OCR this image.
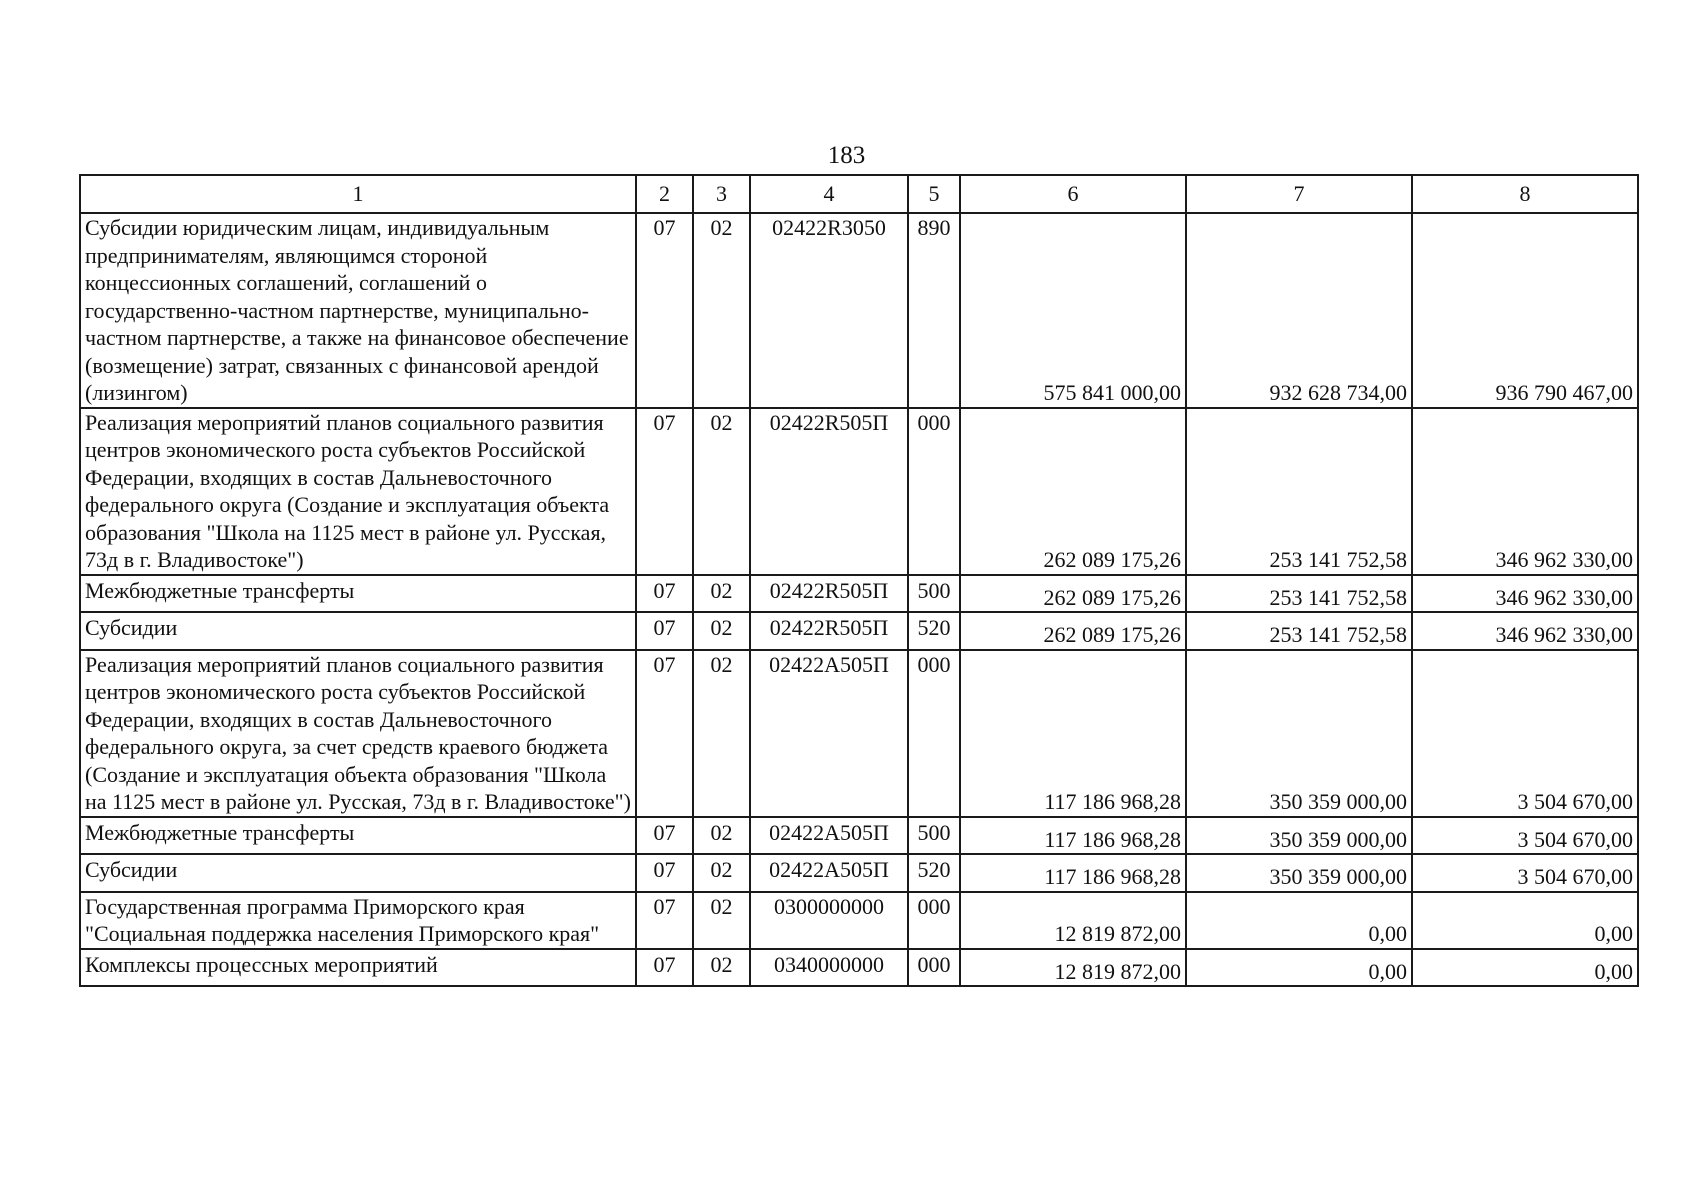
183
1	2	3	4	5	6	7	8
Субсидии юридическим лицам, индивидуальным предпринимателям, являющимся стороной концессионных соглашений, соглашений о государственно-частном партнерстве, муниципально-частном партнерстве, а также на финансовое обеспечение (возмещение) затрат, связанных с финансовой арендой (лизингом)	07	02	02422R3050	890	575 841 000,00	932 628 734,00	936 790 467,00
Реализация мероприятий планов социального развития центров экономического роста субъектов Российской Федерации, входящих в состав Дальневосточного федерального округа (Создание и эксплуатация объекта образования "Школа на 1125 мест в районе ул. Русская, 73д в г. Владивостоке")	07	02	02422R505П	000	262 089 175,26	253 141 752,58	346 962 330,00
Межбюджетные трансферты	07	02	02422R505П	500	262 089 175,26	253 141 752,58	346 962 330,00
Субсидии	07	02	02422R505П	520	262 089 175,26	253 141 752,58	346 962 330,00
Реализация мероприятий планов социального развития центров экономического роста субъектов Российской Федерации, входящих в состав Дальневосточного федерального округа, за счет средств краевого бюджета (Создание и эксплуатация объекта образования "Школа на 1125 мест в районе ул. Русская, 73д в г. Владивостоке")	07	02	02422А505П	000	117 186 968,28	350 359 000,00	3 504 670,00
Межбюджетные трансферты	07	02	02422А505П	500	117 186 968,28	350 359 000,00	3 504 670,00
Субсидии	07	02	02422А505П	520	117 186 968,28	350 359 000,00	3 504 670,00
Государственная программа Приморского края "Социальная поддержка населения Приморского края"	07	02	0300000000	000	12 819 872,00	0,00	0,00
Комплексы процессных мероприятий	07	02	0340000000	000	12 819 872,00	0,00	0,00
